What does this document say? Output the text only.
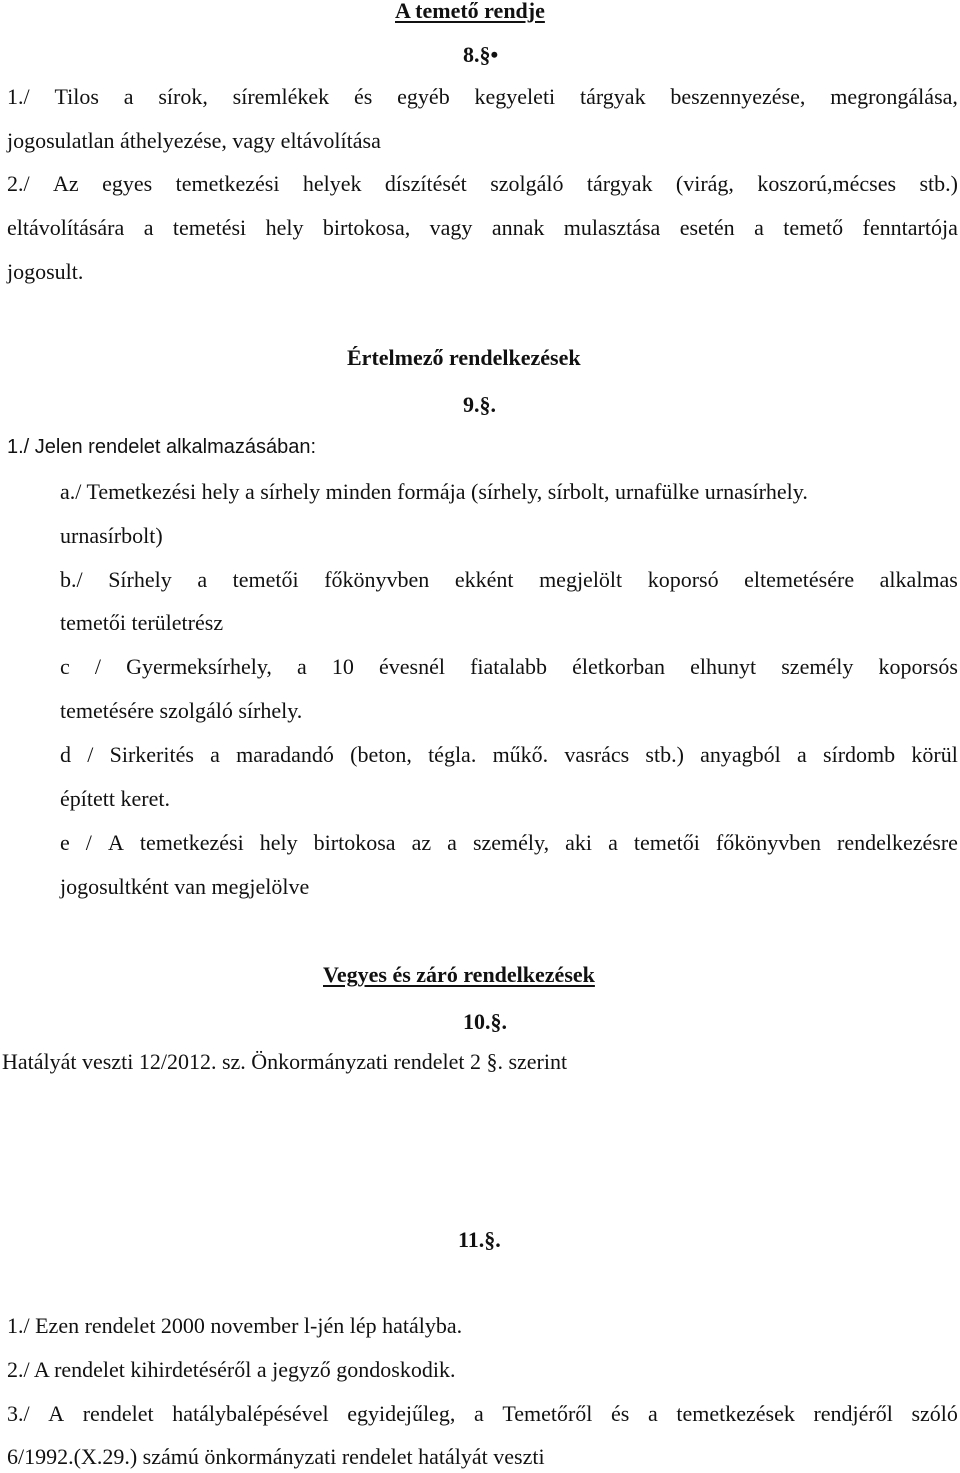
A temető rendje
8.§•
1./ Tilos a sírok, síremlékek és egyéb kegyeleti tárgyak beszennyezése, megrongálása,
jogosulatlan áthelyezése, vagy eltávolítása
2./ Az egyes temetkezési helyek díszítését szolgáló tárgyak (virág, koszorú,mécses stb.)
eltávolítására a temetési hely birtokosa, vagy annak mulasztása esetén a temető fenntartója
jogosult.
Értelmező rendelkezések
9.§.
1./ Jelen rendelet alkalmazásában:
a./ Temetkezési hely a sírhely minden formája (sírhely, sírbolt, urnafülke urnasírhely.
urnasírbolt)
b./ Sírhely a temetői főkönyvben ekként megjelölt koporsó eltemetésére alkalmas
temetői területrész
c / Gyermeksírhely, a 10 évesnél fiatalabb életkorban elhunyt személy koporsós
temetésére szolgáló sírhely.
d / Sirkerités a maradandó (beton, tégla. műkő. vasrács stb.) anyagból a sírdomb körül
épített keret.
e / A temetkezési hely birtokosa az a személy, aki a temetői főkönyvben rendelkezésre
jogosultként van megjelölve
Vegyes és záró rendelkezések
10.§.
Hatályát veszti 12/2012. sz. Önkormányzati rendelet 2 §. szerint
11.§.
1./ Ezen rendelet 2000 november l-jén lép hatályba.
2./ A rendelet kihirdetéséről a jegyző gondoskodik.
3./ A rendelet hatálybalépésével egyidejűleg, a Temetőről és a temetkezések rendjéről szóló
6/1992.(X.29.) számú önkormányzati rendelet hatályát veszti
